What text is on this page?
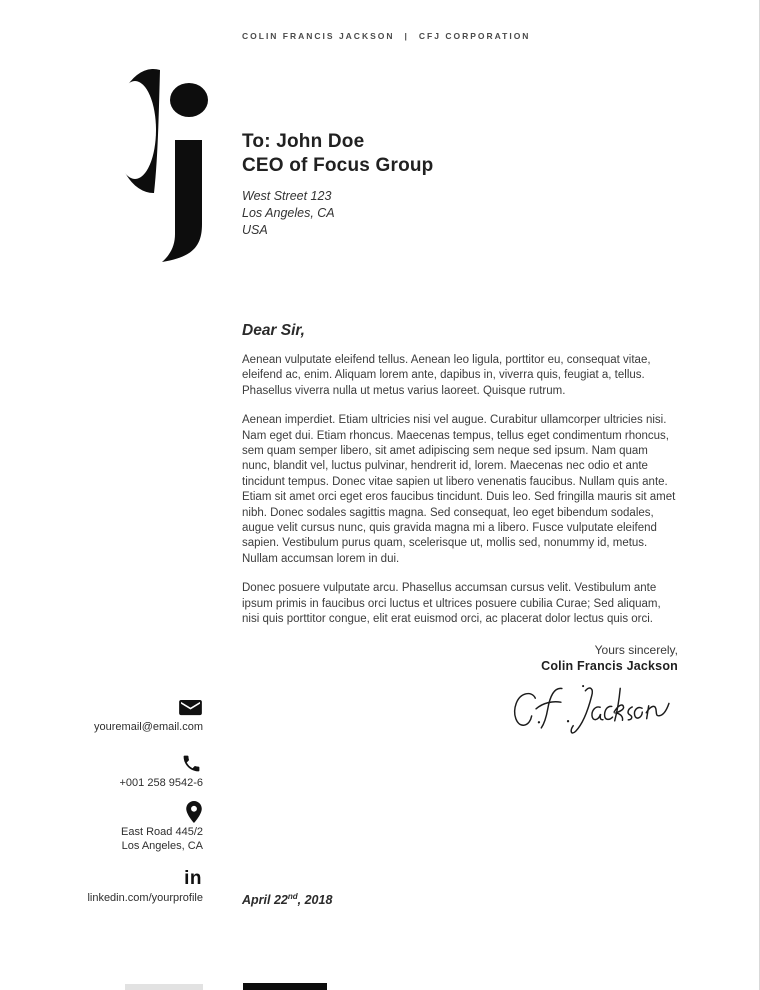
COLIN FRANCIS JACKSON | CFJ CORPORATION
To: John Doe
CEO of Focus Group
West Street 123
Los Angeles, CA
USA
Dear Sir,

Aenean vulputate eleifend tellus. Aenean leo ligula, porttitor eu, consequat vitae, eleifend ac, enim. Aliquam lorem ante, dapibus in, viverra quis, feugiat a, tellus. Phasellus viverra nulla ut metus varius laoreet. Quisque rutrum.

Aenean imperdiet. Etiam ultricies nisi vel augue. Curabitur ullamcorper ultricies nisi. Nam eget dui. Etiam rhoncus. Maecenas tempus, tellus eget condimentum rhoncus, sem quam semper libero, sit amet adipiscing sem neque sed ipsum. Nam quam nunc, blandit vel, luctus pulvinar, hendrerit id, lorem. Maecenas nec odio et ante tincidunt tempus. Donec vitae sapien ut libero venenatis faucibus. Nullam quis ante. Etiam sit amet orci eget eros faucibus tincidunt. Duis leo. Sed fringilla mauris sit amet nibh. Donec sodales sagittis magna. Sed consequat, leo eget bibendum sodales, augue velit cursus nunc, quis gravida magna mi a libero. Fusce vulputate eleifend sapien. Vestibulum purus quam, scelerisque ut, mollis sed, nonummy id, metus. Nullam accumsan lorem in dui.

Donec posuere vulputate arcu. Phasellus accumsan cursus velit. Vestibulum ante ipsum primis in faucibus orci luctus et ultrices posuere cubilia Curae; Sed aliquam, nisi quis porttitor congue, elit erat euismod orci, ac placerat dolor lectus quis orci.

Yours sincerely,
Colin Francis Jackson
youremail@email.com
+001 258 9542-6
East Road 445/2
Los Angeles, CA
in
linkedin.com/yourprofile	April 22nd, 2018
